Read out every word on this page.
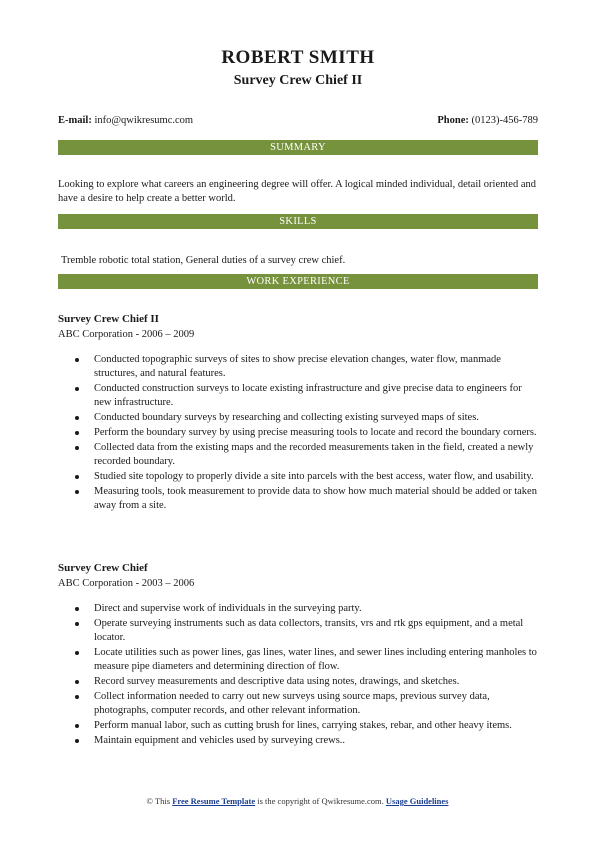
ROBERT SMITH
Survey Crew Chief II
E-mail: info@qwikresumc.com	Phone: (0123)-456-789
SUMMARY
Looking to explore what careers an engineering degree will offer. A logical minded individual, detail oriented and have a desire to help create a better world.
SKILLS
Tremble robotic total station, General duties of a survey crew chief.
WORK EXPERIENCE
Survey Crew Chief II
ABC Corporation - 2006 – 2009
Conducted topographic surveys of sites to show precise elevation changes, water flow, manmade structures, and natural features.
Conducted construction surveys to locate existing infrastructure and give precise data to engineers for new infrastructure.
Conducted boundary surveys by researching and collecting existing surveyed maps of sites.
Perform the boundary survey by using precise measuring tools to locate and record the boundary corners.
Collected data from the existing maps and the recorded measurements taken in the field, created a newly recorded boundary.
Studied site topology to properly divide a site into parcels with the best access, water flow, and usability.
Measuring tools, took measurement to provide data to show how much material should be added or taken away from a site.
Survey Crew Chief
ABC Corporation - 2003 – 2006
Direct and supervise work of individuals in the surveying party.
Operate surveying instruments such as data collectors, transits, vrs and rtk gps equipment, and a metal locator.
Locate utilities such as power lines, gas lines, water lines, and sewer lines including entering manholes to measure pipe diameters and determining direction of flow.
Record survey measurements and descriptive data using notes, drawings, and sketches.
Collect information needed to carry out new surveys using source maps, previous survey data, photographs, computer records, and other relevant information.
Perform manual labor, such as cutting brush for lines, carrying stakes, rebar, and other heavy items.
Maintain equipment and vehicles used by surveying crews..
© This Free Resume Template is the copyright of Qwikresume.com. Usage Guidelines
